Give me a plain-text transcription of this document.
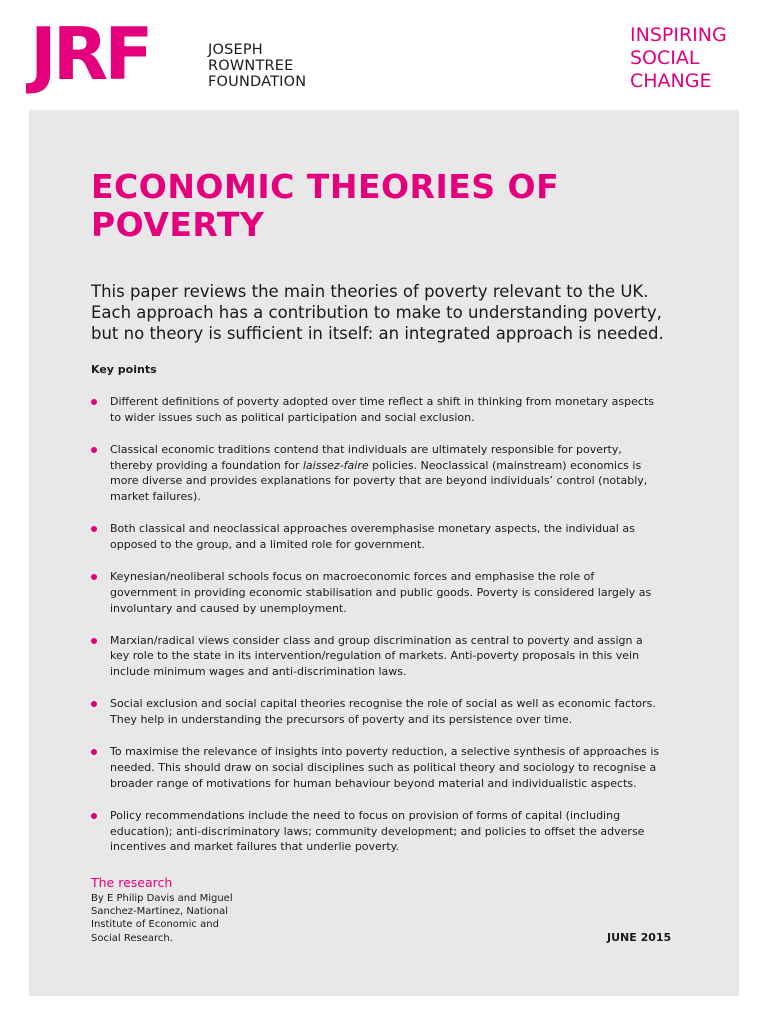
JRF	JOSEPH
ROWNTREE
FOUNDATION
INSPIRING
SOCIAL
CHANGE
ECONOMIC THEORIES OF
POVERTY

This paper reviews the main theories of poverty relevant to the UK.
Each approach has a contribution to make to understanding poverty,
but no theory is sufficient in itself: an integrated approach is needed.

Key points

Different definitions of poverty adopted over time reflect a shift in thinking from monetary aspects
to wider issues such as political participation and social exclusion.
Classical economic traditions contend that individuals are ultimately responsible for poverty,
thereby providing a foundation for laissez-faire policies. Neoclassical (mainstream) economics is
more diverse and provides explanations for poverty that are beyond individuals’ control (notably,
market failures).
Both classical and neoclassical approaches overemphasise monetary aspects, the individual as
opposed to the group, and a limited role for government.
Keynesian/neoliberal schools focus on macroeconomic forces and emphasise the role of
government in providing economic stabilisation and public goods. Poverty is considered largely as
involuntary and caused by unemployment.
Marxian/radical views consider class and group discrimination as central to poverty and assign a
key role to the state in its intervention/regulation of markets. Anti-poverty proposals in this vein
include minimum wages and anti-discrimination laws.
Social exclusion and social capital theories recognise the role of social as well as economic factors.
They help in understanding the precursors of poverty and its persistence over time.
To maximise the relevance of insights into poverty reduction, a selective synthesis of approaches is
needed. This should draw on social disciplines such as political theory and sociology to recognise a
broader range of motivations for human behaviour beyond material and individualistic aspects.
Policy recommendations include the need to focus on provision of forms of capital (including
education); anti-discriminatory laws; community development; and policies to offset the adverse
incentives and market failures that underlie poverty.

The research

By E Philip Davis and Miguel
Sanchez-Martinez, National
Institute of Economic and
Social Research.	JUNE 2015
